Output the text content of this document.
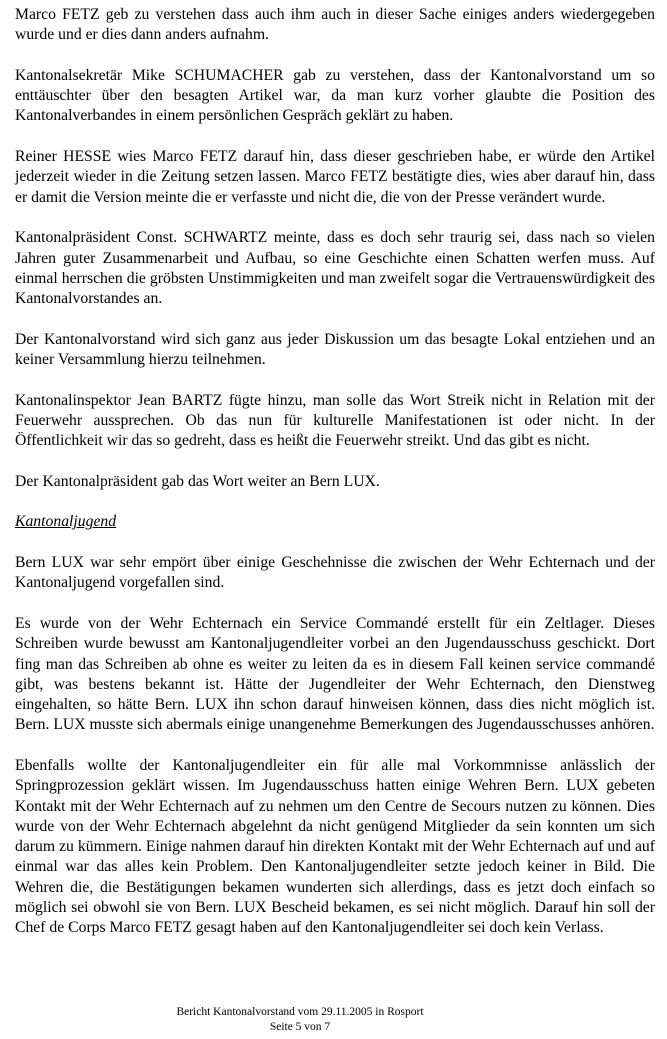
Marco FETZ geb zu verstehen dass auch ihm auch in dieser Sache einiges anders wiedergegeben wurde und er dies dann anders aufnahm.

Kantonalsekretär Mike SCHUMACHER gab zu verstehen, dass der Kantonalvorstand um so enttäuschter über den besagten Artikel war, da man kurz vorher glaubte die Position des Kantonalverbandes in einem persönlichen Gespräch geklärt zu haben.

Reiner HESSE wies Marco FETZ darauf hin, dass dieser geschrieben habe, er würde den Artikel jederzeit wieder in die Zeitung setzen lassen. Marco FETZ bestätigte dies, wies aber darauf hin, dass er damit die Version meinte die er verfasste und nicht die, die von der Presse verändert wurde.

Kantonalpräsident Const. SCHWARTZ meinte, dass es doch sehr traurig sei, dass nach so vielen Jahren guter Zusammenarbeit und Aufbau, so eine Geschichte einen Schatten werfen muss. Auf einmal herrschen die gröbsten Unstimmigkeiten und man zweifelt sogar die Vertrauenswürdigkeit des Kantonalvorstandes an.

Der Kantonalvorstand wird sich ganz aus jeder Diskussion um das besagte Lokal entziehen und an keiner Versammlung hierzu teilnehmen.

Kantonalinspektor Jean BARTZ fügte hinzu, man solle das Wort Streik nicht in Relation mit der Feuerwehr aussprechen. Ob das nun für kulturelle Manifestationen ist oder nicht. In der Öffentlichkeit wir das so gedreht, dass es heißt die Feuerwehr streikt. Und das gibt es nicht.

Der Kantonalpräsident gab das Wort weiter an Bern LUX.

Kantonaljugend

Bern LUX war sehr empört über einige Geschehnisse die zwischen der Wehr Echternach und der Kantonaljugend vorgefallen sind.

Es wurde von der Wehr Echternach ein Service Commandé erstellt für ein Zeltlager. Dieses Schreiben wurde bewusst am Kantonaljugendleiter vorbei an den Jugendausschuss geschickt. Dort fing man das Schreiben ab ohne es weiter zu leiten da es in diesem Fall keinen service commandé gibt, was bestens bekannt ist. Hätte der Jugendleiter der Wehr Echternach, den Dienstweg eingehalten, so hätte Bern. LUX ihn schon darauf hinweisen können, dass dies nicht möglich ist. Bern. LUX musste sich abermals einige unangenehme Bemerkungen des Jugendausschusses anhören.

Ebenfalls wollte der Kantonaljugendleiter ein für alle mal Vorkommnisse anlässlich der Springprozession geklärt wissen. Im Jugendausschuss hatten einige Wehren Bern. LUX gebeten Kontakt mit der Wehr Echternach auf zu nehmen um den Centre de Secours nutzen zu können. Dies wurde von der Wehr Echternach abgelehnt da nicht genügend Mitglieder da sein konnten um sich darum zu kümmern. Einige nahmen darauf hin direkten Kontakt mit der Wehr Echternach auf und auf einmal war das alles kein Problem. Den Kantonaljugendleiter setzte jedoch keiner in Bild. Die Wehren die, die Bestätigungen bekamen wunderten sich allerdings, dass es jetzt doch einfach so möglich sei obwohl sie von Bern. LUX Bescheid bekamen, es sei nicht möglich. Darauf hin soll der Chef de Corps Marco FETZ gesagt haben auf den Kantonaljugendleiter sei doch kein Verlass.

Bericht Kantonalvorstand vom 29.11.2005 in Rosport
Seite 5 von 7
